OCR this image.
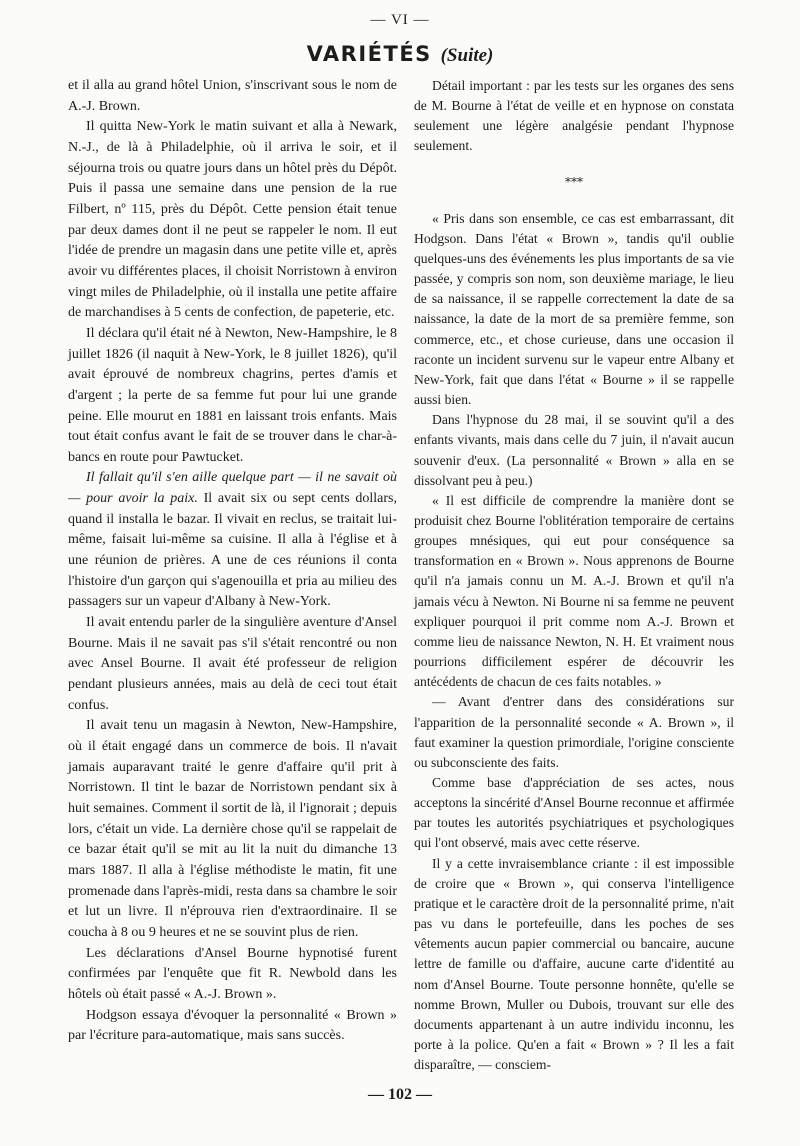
— VI —
VARIÉTÉS (Suite)

et il alla au grand hôtel Union, s'inscrivant sous le nom de A.-J. Brown.

Il quitta New-York le matin suivant et alla à Newark, N.-J., de là à Philadelphie, où il arriva le soir, et il séjourna trois ou quatre jours dans un hôtel près du Dépôt. Puis il passa une semaine dans une pension de la rue Filbert, nº 115, près du Dépôt. Cette pension était tenue par deux dames dont il ne peut se rappeler le nom. Il eut l'idée de prendre un magasin dans une petite ville et, après avoir vu différentes places, il choisit Norristown à environ vingt miles de Philadelphie, où il installa une petite affaire de marchandises à 5 cents de confection, de papeterie, etc.

Il déclara qu'il était né à Newton, New-Hampshire, le 8 juillet 1826 (il naquit à New-York, le 8 juillet 1826), qu'il avait éprouvé de nombreux chagrins, pertes d'amis et d'argent ; la perte de sa femme fut pour lui une grande peine. Elle mourut en 1881 en laissant trois enfants. Mais tout était confus avant le fait de se trouver dans le char-à-bancs en route pour Pawtucket.

Il fallait qu'il s'en aille quelque part — il ne savait où — pour avoir la paix. Il avait six ou sept cents dollars, quand il installa le bazar. Il vivait en reclus, se traitait lui-même, faisait lui-même sa cuisine. Il alla à l'église et à une réunion de prières. A une de ces réunions il conta l'histoire d'un garçon qui s'agenouilla et pria au milieu des passagers sur un vapeur d'Albany à New-York.

Il avait entendu parler de la singulière aventure d'Ansel Bourne. Mais il ne savait pas s'il s'était rencontré ou non avec Ansel Bourne. Il avait été professeur de religion pendant plusieurs années, mais au delà de ceci tout était confus.

Il avait tenu un magasin à Newton, New-Hampshire, où il était engagé dans un commerce de bois. Il n'avait jamais auparavant traité le genre d'affaire qu'il prit à Norristown. Il tint le bazar de Norristown pendant six à huit semaines. Comment il sortit de là, il l'ignorait ; depuis lors, c'était un vide. La dernière chose qu'il se rappelait de ce bazar était qu'il se mit au lit la nuit du dimanche 13 mars 1887. Il alla à l'église méthodiste le matin, fit une promenade dans l'après-midi, resta dans sa chambre le soir et lut un livre. Il n'éprouva rien d'extraordinaire. Il se coucha à 8 ou 9 heures et ne se souvint plus de rien.

Les déclarations d'Ansel Bourne hypnotisé furent confirmées par l'enquête que fit R. Newbold dans les hôtels où était passé « A.-J. Brown ».

Hodgson essaya d'évoquer la personnalité « Brown » par l'écriture para-automatique, mais sans succès.

Détail important : par les tests sur les organes des sens de M. Bourne à l'état de veille et en hypnose on constata seulement une légère analgésie pendant l'hypnose seulement.

⁎⁎⁎

« Pris dans son ensemble, ce cas est embarrassant, dit Hodgson. Dans l'état « Brown », tandis qu'il oublie quelques-uns des événements les plus importants de sa vie passée, y compris son nom, son deuxième mariage, le lieu de sa naissance, il se rappelle correctement la date de sa naissance, la date de la mort de sa première femme, son commerce, etc., et chose curieuse, dans une occasion il raconte un incident survenu sur le vapeur entre Albany et New-York, fait que dans l'état « Bourne » il se rappelle aussi bien.

Dans l'hypnose du 28 mai, il se souvint qu'il a des enfants vivants, mais dans celle du 7 juin, il n'avait aucun souvenir d'eux. (La personnalité « Brown » alla en se dissolvant peu à peu.)

« Il est difficile de comprendre la manière dont se produisit chez Bourne l'oblitération temporaire de certains groupes mnésiques, qui eut pour conséquence sa transformation en « Brown ». Nous apprenons de Bourne qu'il n'a jamais connu un M. A.-J. Brown et qu'il n'a jamais vécu à Newton. Ni Bourne ni sa femme ne peuvent expliquer pourquoi il prit comme nom A.-J. Brown et comme lieu de naissance Newton, N. H. Et vraiment nous pourrions difficilement espérer de découvrir les antécédents de chacun de ces faits notables. »

— Avant d'entrer dans des considérations sur l'apparition de la personnalité seconde « A. Brown », il faut examiner la question primordiale, l'origine consciente ou subconsciente des faits.

Comme base d'appréciation de ses actes, nous acceptons la sincérité d'Ansel Bourne reconnue et affirmée par toutes les autorités psychiatriques et psychologiques qui l'ont observé, mais avec cette réserve.

Il y a cette invraisemblance criante : il est impossible de croire que « Brown », qui conserva l'intelligence pratique et le caractère droit de la personnalité prime, n'ait pas vu dans le portefeuille, dans les poches de ses vêtements aucun papier commercial ou bancaire, aucune lettre de famille ou d'affaire, aucune carte d'identité au nom d'Ansel Bourne. Toute personne honnête, qu'elle se nomme Brown, Muller ou Dubois, trouvant sur elle des documents appartenant à un autre individu inconnu, les porte à la police. Qu'en a fait « Brown » ? Il les a fait disparaître, — consciem-

— 102 —
